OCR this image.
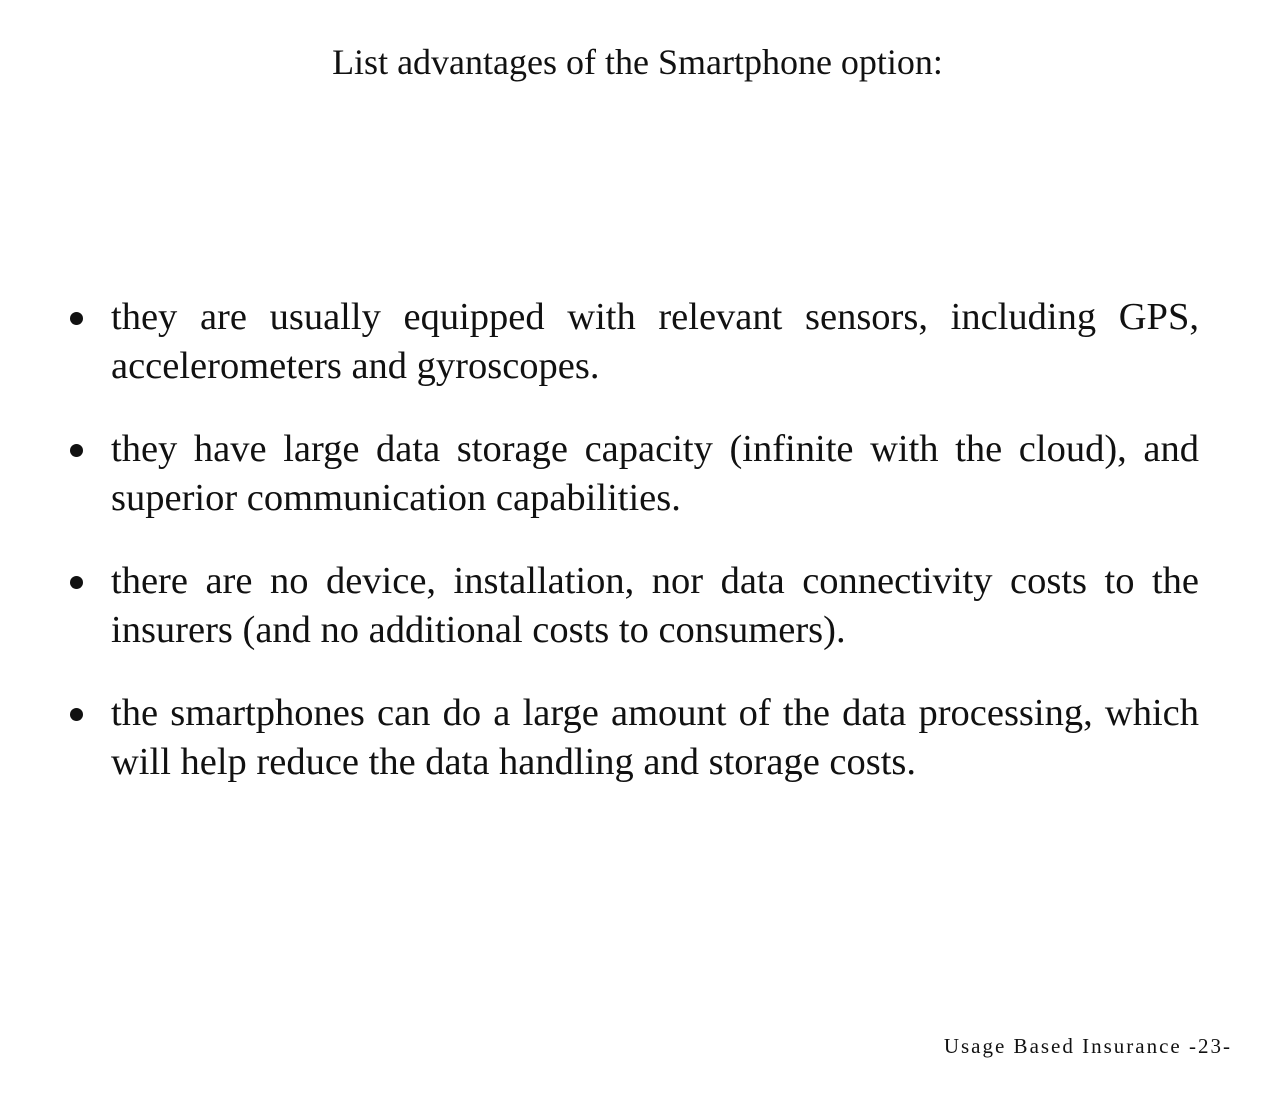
List advantages of the Smartphone option:
they are usually equipped with relevant sensors, including GPS, accelerometers and gyroscopes.
they have large data storage capacity (infinite with the cloud), and superior communication capabilities.
there are no device, installation, nor data connectivity costs to the insurers (and no additional costs to consumers).
the smartphones can do a large amount of the data processing, which will help reduce the data handling and storage costs.

Usage Based Insurance -23-
